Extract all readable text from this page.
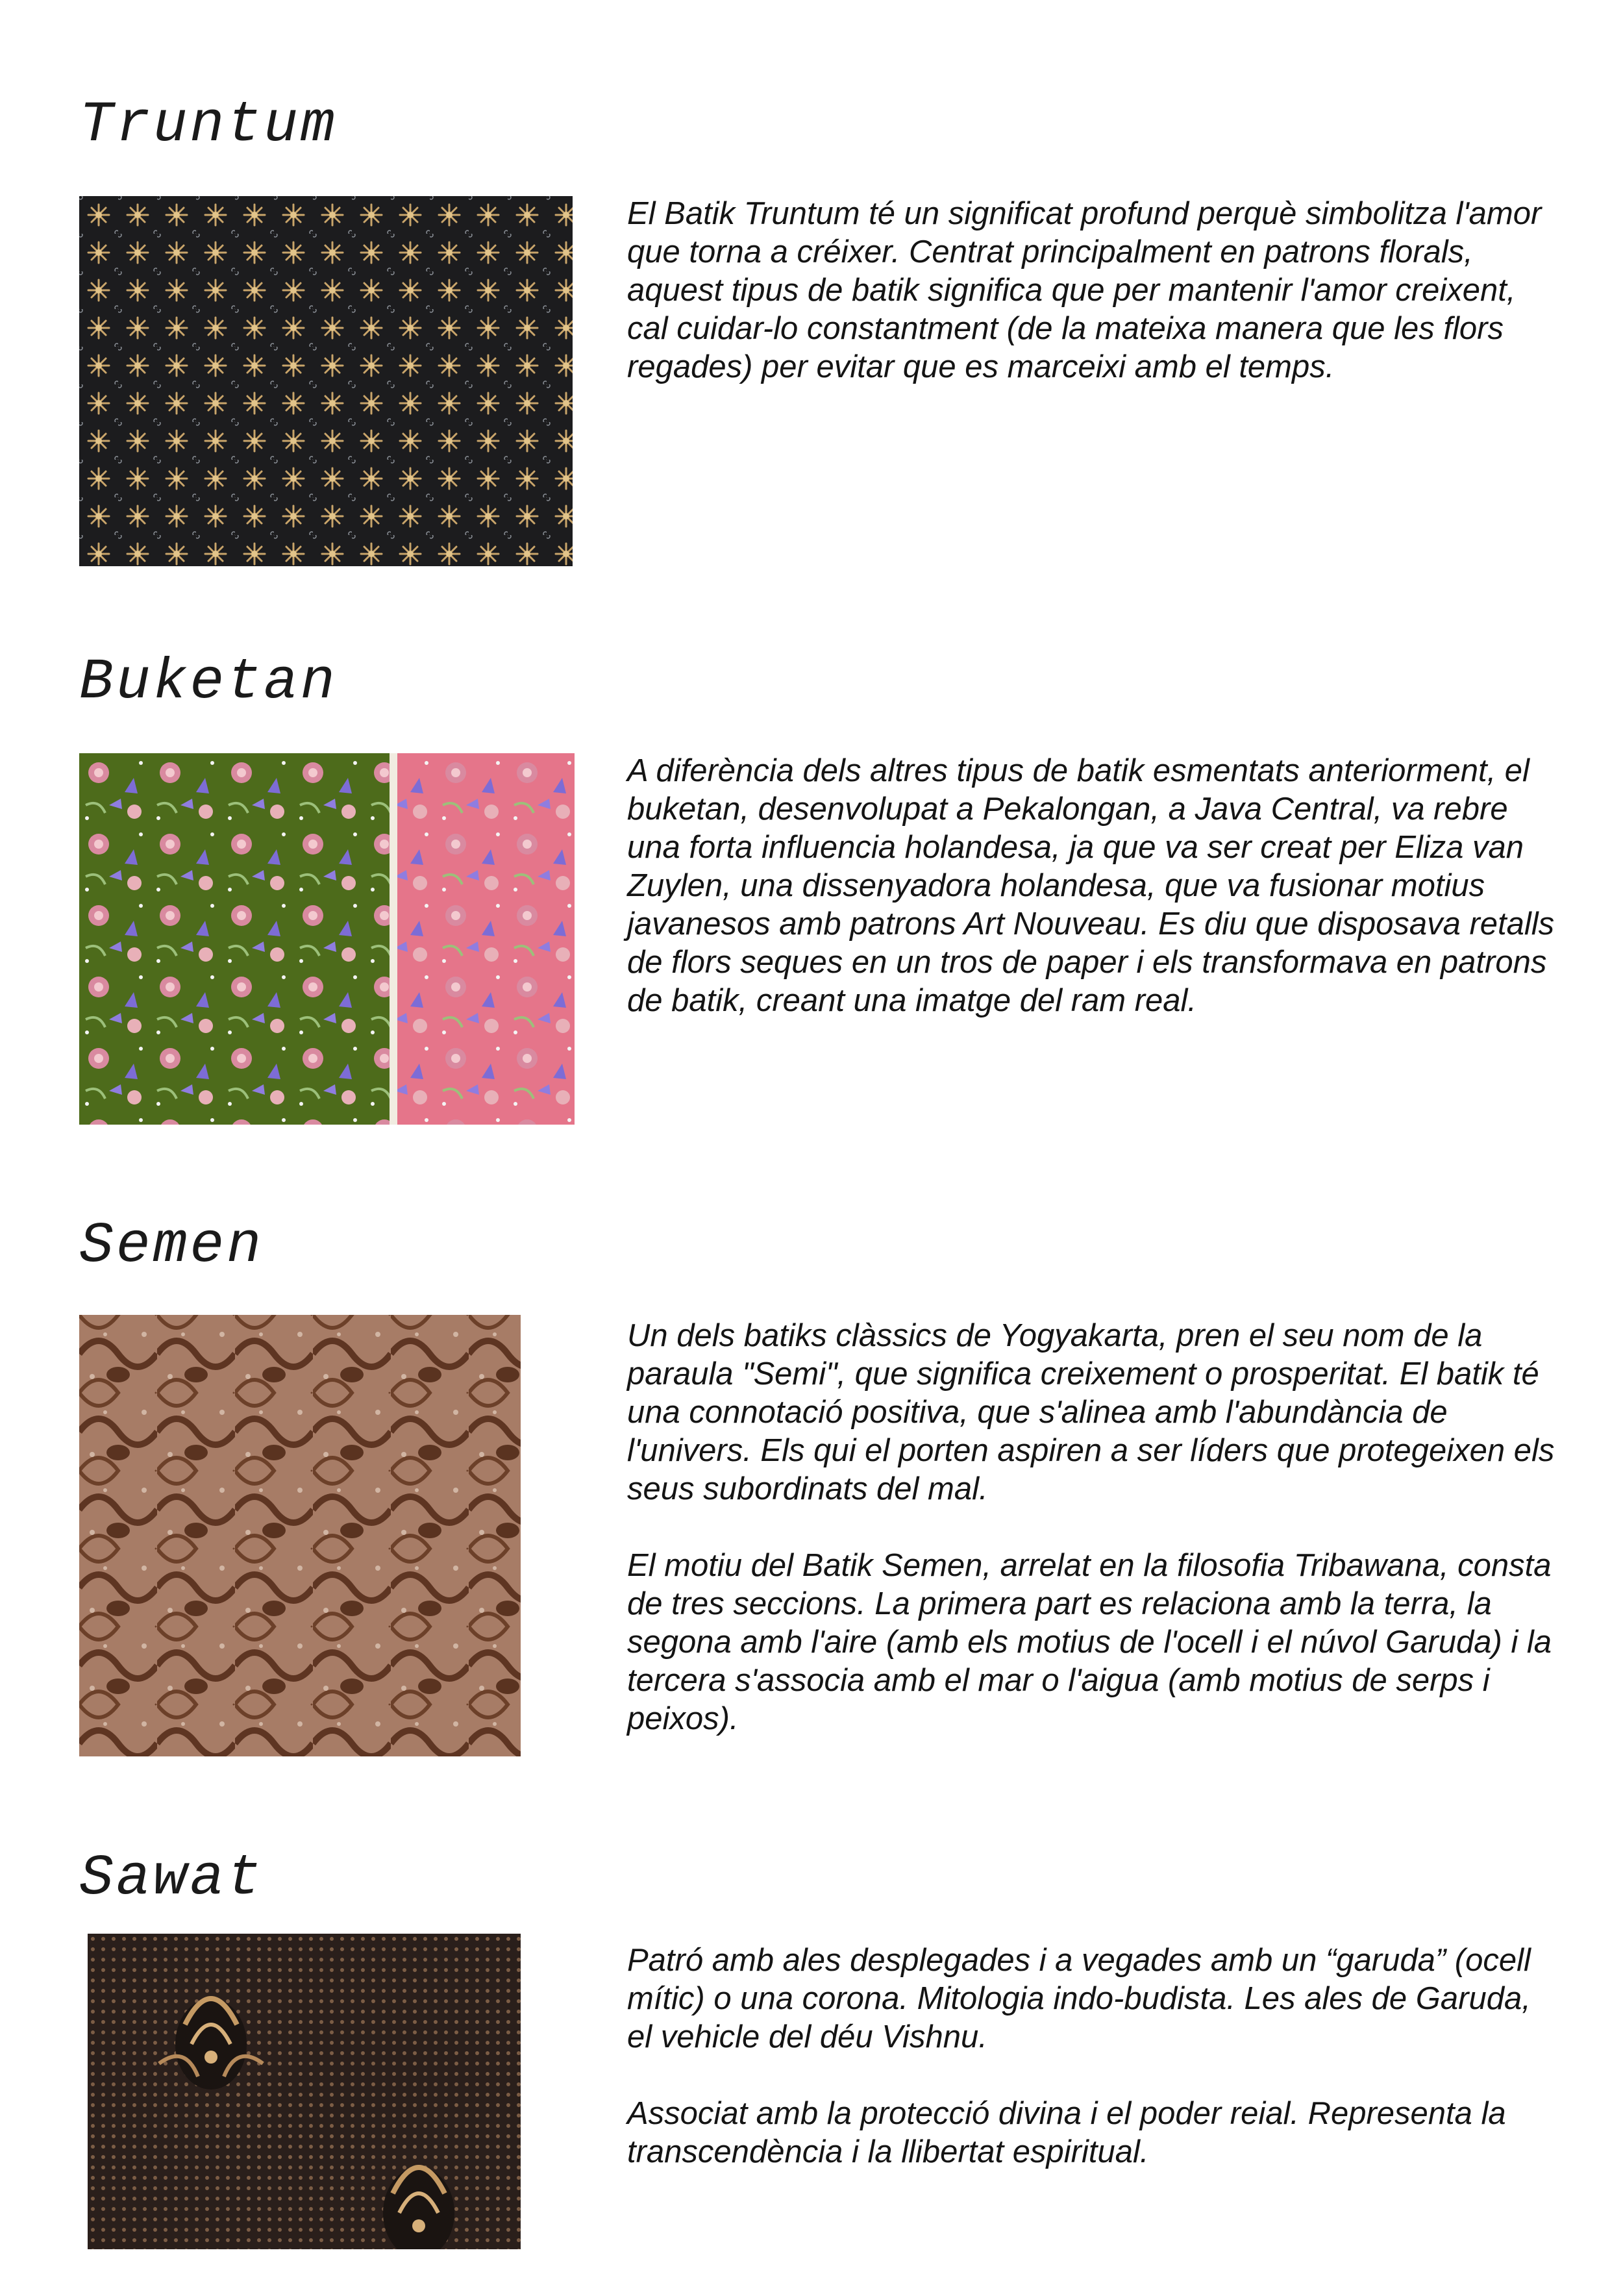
Truntum

El Batik Truntum té un significat profund perquè simbolitza l'amor que torna a créixer. Centrat principalment en patrons florals, aquest tipus de batik significa que per mantenir l'amor creixent, cal cuidar-lo constantment (de la mateixa manera que les flors regades) per evitar que es marceixi amb el temps.

Buketan

A diferència dels altres tipus de batik esmentats anteriorment, el buketan, desenvolupat a Pekalongan, a Java Central, va rebre una forta influencia holandesa, ja que va ser creat per Eliza van Zuylen, una dissenyadora holandesa, que va fusionar motius javanesos amb patrons Art Nouveau. Es diu que disposava retalls de flors seques en un tros de paper i els transformava en patrons de batik, creant una imatge del ram real.

Semen

Un dels batiks clàssics de Yogyakarta, pren el seu nom de la paraula "Semi", que significa creixement o prosperitat. El batik té una connotació positiva, que s'alinea amb l'abundància de l'univers. Els qui el porten aspiren a ser líders que protegeixen els seus subordinats del mal.

El motiu del Batik Semen, arrelat en la filosofia Tribawana, consta de tres seccions. La primera part es relaciona amb la terra, la segona amb l'aire (amb els motius de l'ocell i el núvol Garuda) i la tercera s'associa amb el mar o l'aigua (amb motius de serps i peixos).

Sawat

Patró amb ales desplegades i a vegades amb un “garuda” (ocell mític) o una corona. Mitologia indo-budista. Les ales de Garuda, el vehicle del déu Vishnu.

Associat amb la protecció divina i el poder reial. Representa la transcendència i la llibertat espiritual.
